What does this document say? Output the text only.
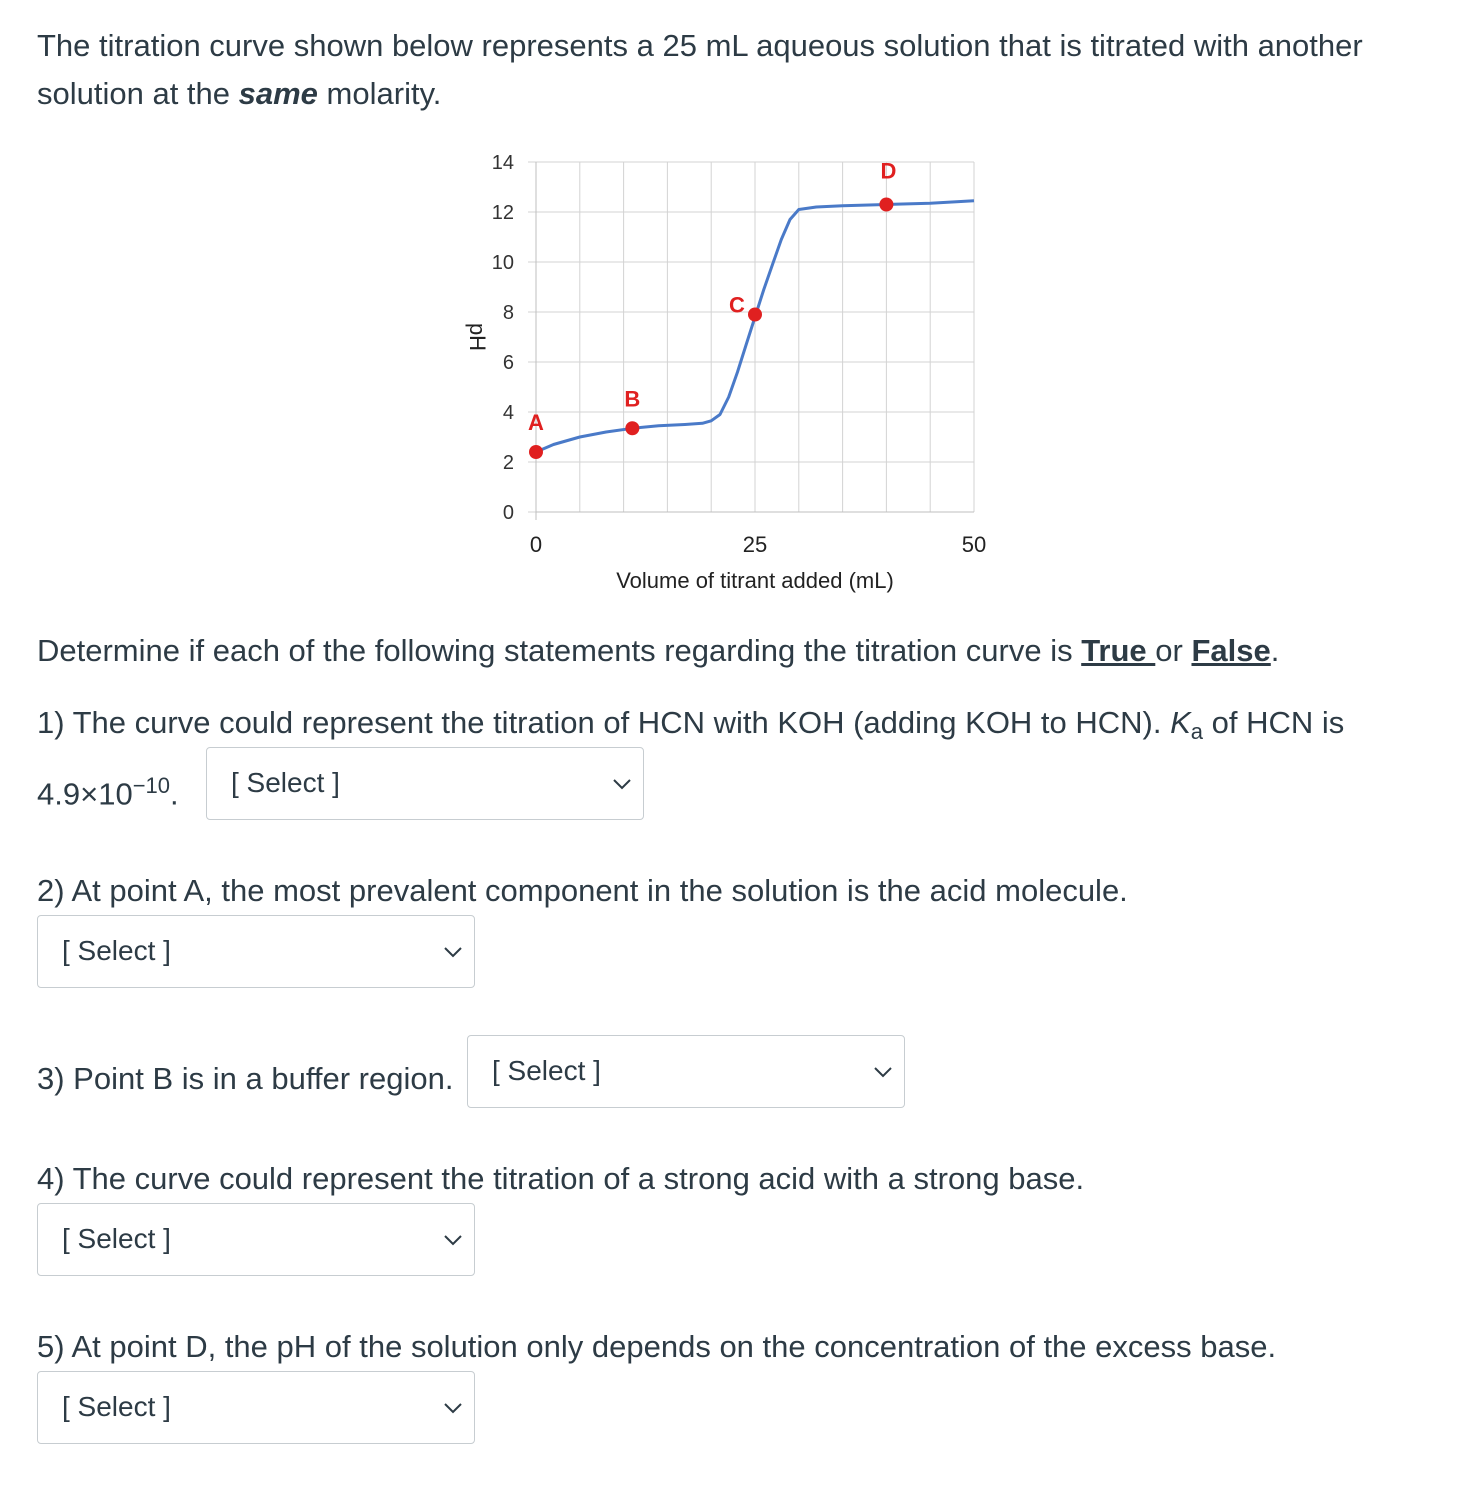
The titration curve shown below represents a 25 mL aqueous solution that is titrated with another solution at the same molarity.
0
2
4
6
8
10
12
14
0	25	50
Volume of titrant added (mL)
pH
A
B
C
D
Determine if each of the following statements regarding the titration curve is True or False.
1) The curve could represent the titration of HCN with KOH (adding KOH to HCN). $K_a$ of HCN is
$4.9\times 10^{-10}$.	[ Select ]
2) At point A, the most prevalent component in the solution is the acid molecule.
[ Select ]
3) Point B is in a buffer region.	[ Select ]
4) The curve could represent the titration of a strong acid with a strong base.
[ Select ]
5) At point D, the pH of the solution only depends on the concentration of the excess base.
[ Select ]
